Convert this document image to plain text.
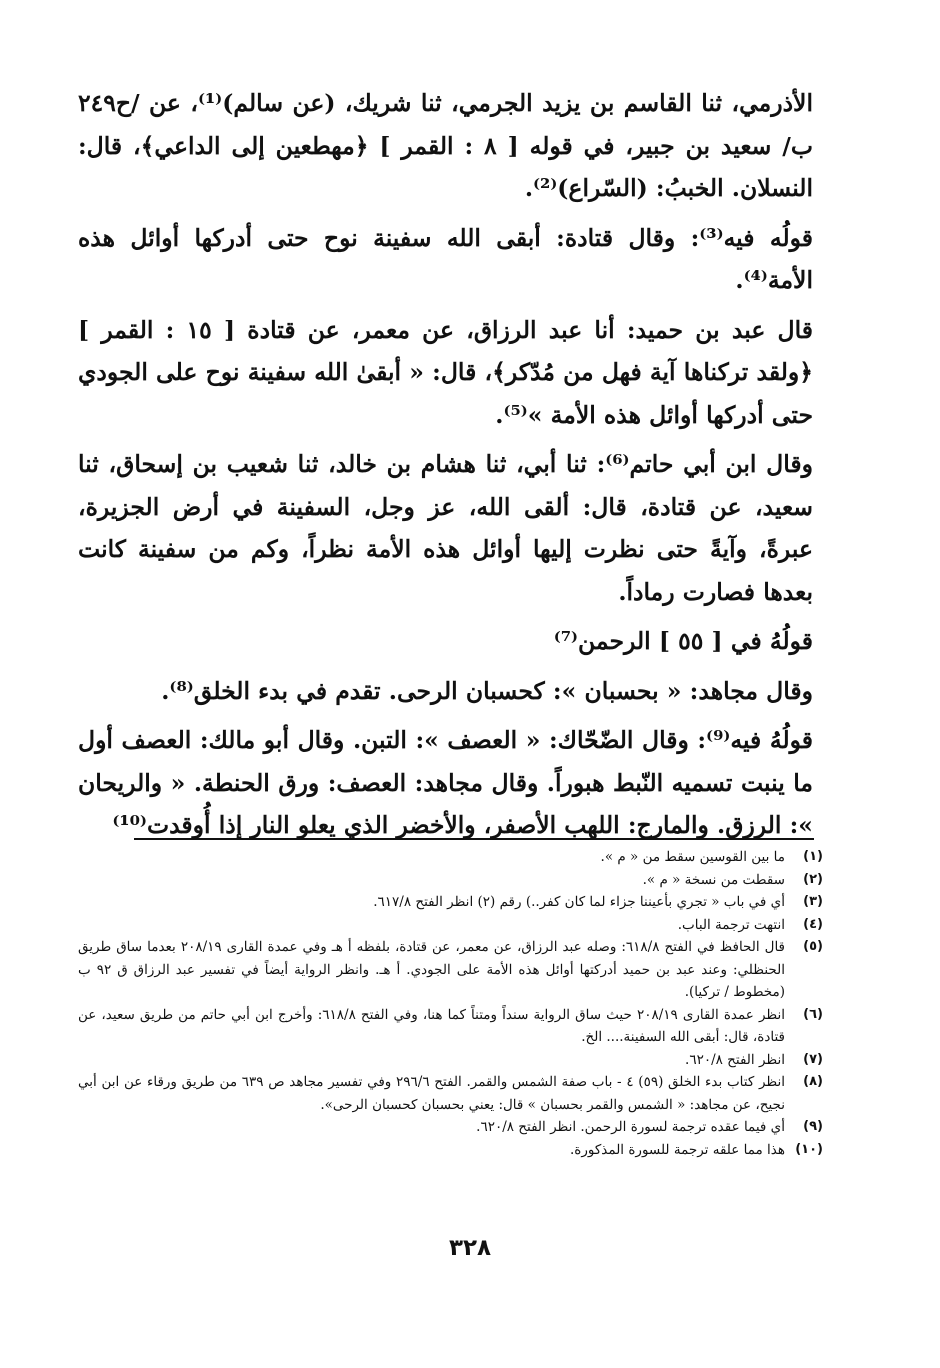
الأذرمي، ثنا القاسم بن يزيد الجرمي، ثنا شريك، (عن سالم)⁽¹⁾، عن /ح٢٤٩ ب/ سعيد بن جبير، في قوله [ ٨ : القمر ] ﴿مهطعين إلى الداعي﴾، قال: النسلان. الخببُ: (السّراع)⁽²⁾.

قولُه فيه⁽³⁾: وقال قتادة: أبقى الله سفينة نوح حتى أدركها أوائل هذه الأمة⁽⁴⁾.

قال عبد بن حميد: أنا عبد الرزاق، عن معمر، عن قتادة [ ١٥ : القمر ] ﴿ولقد تركناها آية فهل من مُدّكر﴾، قال: « أبقىٰ الله سفينة نوح على الجودي حتى أدركها أوائل هذه الأمة »⁽⁵⁾.

وقال ابن أبي حاتم⁽⁶⁾: ثنا أبي، ثنا هشام بن خالد، ثنا شعيب بن إسحاق، ثنا سعيد، عن قتادة، قال: ألقى الله، عز وجل، السفينة في أرض الجزيرة، عبرةً، وآيةً حتى نظرت إليها أوائل هذه الأمة نظراً، وكم من سفينة كانت بعدها فصارت رماداً.

قولُهُ في [ ٥٥ ] الرحمن⁽⁷⁾

وقال مجاهد: « بحسبان »: كحسبان الرحى. تقدم في بدء الخلق⁽⁸⁾.

قولُهُ فيه⁽⁹⁾: وقال الضّحّاك: « العصف »: التبن. وقال أبو مالك: العصف أول ما ينبت تسميه النّبط هبوراً. وقال مجاهد: العصف: ورق الحنطة. « والريحان »: الرزق. والمارج: اللهب الأصفر، والأخضر الذي يعلو النار إذا أُوقدت⁽¹⁰⁾

(١)
ما بين القوسين سقط من « م ».
(٢)
سقطت من نسخة « م ».
(٣)
أي في باب « تجري بأعيننا جزاء لما كان كفر..) رقم (٢) انظر الفتح ٦١٧/٨.
(٤)
انتهت ترجمة الباب.
(٥)
قال الحافظ في الفتح ٦١٨/٨: وصله عبد الرزاق، عن معمر، عن قتادة، بلفظه أ هـ وفي عمدة القارى ٢٠٨/١٩ بعدما ساق طريق الحنظلي: وعند عبد بن حميد أدركتها أوائل هذه الأمة على الجودي. أ هـ. وانظر الرواية أيضاً في تفسير عبد الرزاق ق ٩٢ ب (مخطوط / تركيا).
(٦)
انظر عمدة القارى ٢٠٨/١٩ حيث ساق الرواية سنداً ومتناً كما هنا، وفي الفتح ٦١٨/٨: وأخرج ابن أبي حاتم من طريق سعيد، عن قتادة، قال: أبقى الله السفينة.... الخ.
(٧)
انظر الفتح ٦٢٠/٨.
(٨)
انظر كتاب بدء الخلق (٥٩) ٤ - باب صفة الشمس والقمر. الفتح ٢٩٦/٦ وفي تفسير مجاهد ص ٦٣٩ من طريق ورقاء عن ابن أبي نجيح، عن مجاهد: « الشمس والقمر بحسبان » قال: يعني بحسبان كحسبان الرحى».
(٩)
أي فيما عقده ترجمة لسورة الرحمن. انظر الفتح ٦٢٠/٨.
(١٠)
هذا مما علقه ترجمة للسورة المذكورة.
٣٢٨
